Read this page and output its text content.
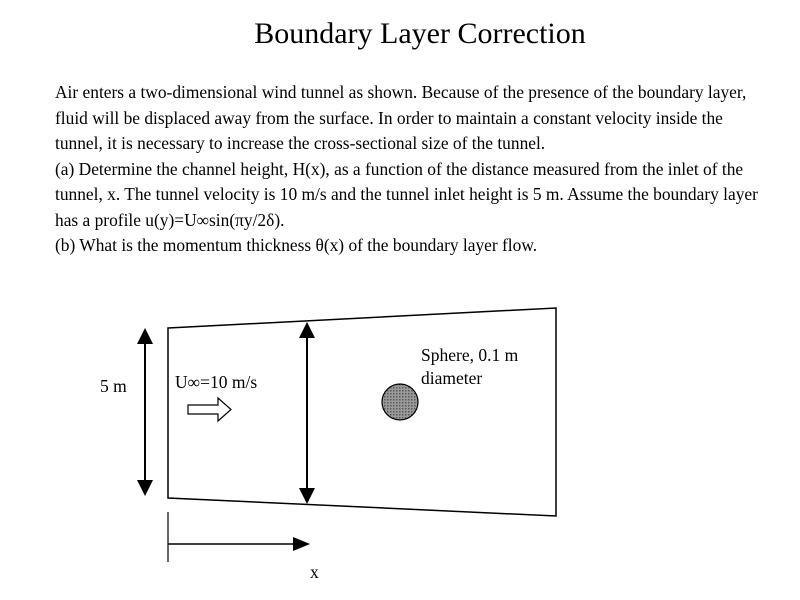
Boundary Layer Correction

Air enters a two-dimensional wind tunnel as shown. Because of the presence of the boundary layer, fluid will be displaced away from the surface. In order to maintain a constant velocity inside the tunnel, it is necessary to increase the cross-sectional size of the tunnel.

(a) Determine the channel height, H(x), as a function of the distance measured from the inlet of the tunnel, x. The tunnel velocity is 10 m/s and the tunnel inlet height is 5 m. Assume the boundary layer has a profile u(y)=U∞sin(πy/2δ).

(b) What is the momentum thickness θ(x) of the boundary layer flow.

5 m	U∞=10 m/s
Sphere, 0.1 m
diameter
x
